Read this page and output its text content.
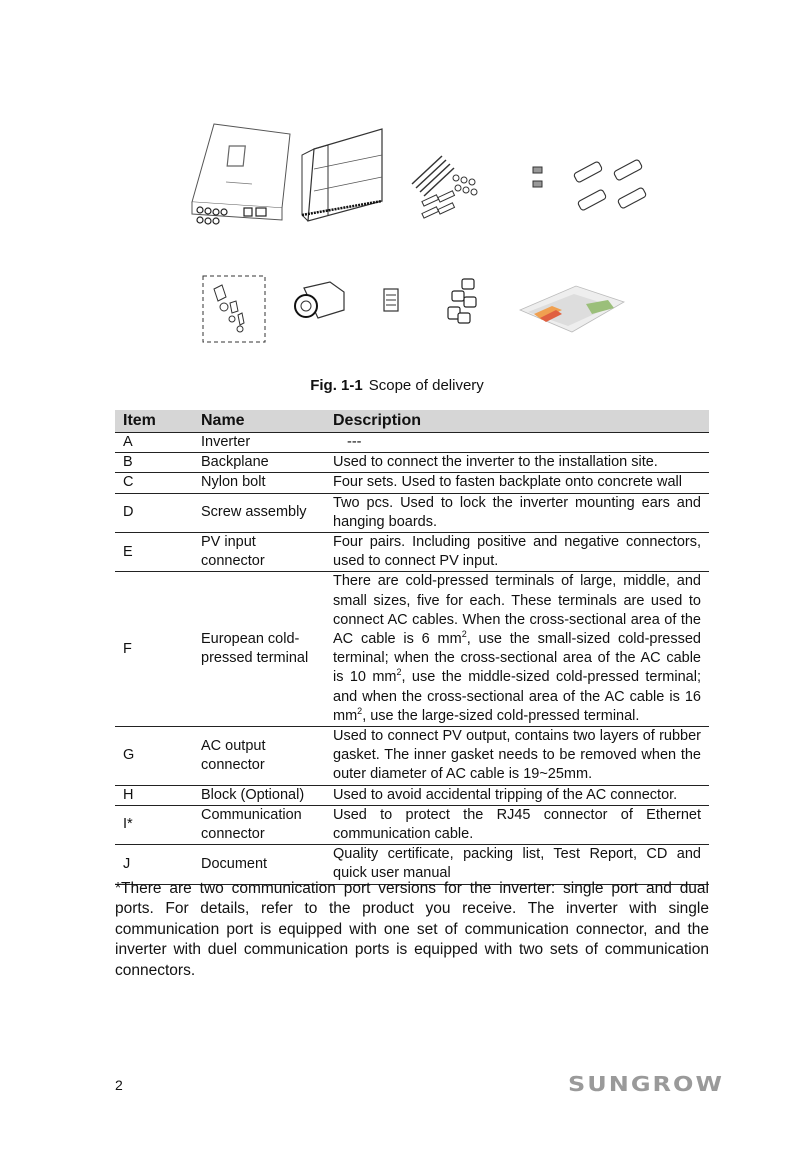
Fig. 1-1 Scope of delivery
Item	Name	Description
A	Inverter	---
B	Backplane	Used to connect the inverter to the installation site.
C	Nylon bolt	Four sets. Used to fasten backplate onto concrete wall
D	Screw assembly	Two pcs. Used to lock the inverter mounting ears and hanging boards.
E	PV input connector	Four pairs. Including positive and negative connectors, used to connect PV input.
F	European cold-pressed terminal	There are cold-pressed terminals of large, middle, and small sizes, five for each. These terminals are used to connect AC cables. When the cross-sectional area of the AC cable is 6 $mm^2$, use the small-sized cold-pressed terminal; when the cross-sectional area of the AC cable is 10 $mm^2$, use the middle-sized cold-pressed terminal; and when the cross-sectional area of the AC cable is 16 $mm^2$, use the large-sized cold-pressed terminal.
G	AC output connector	Used to connect PV output, contains two layers of rubber gasket. The inner gasket needs to be removed when the outer diameter of AC cable is 19~25mm.
H	Block (Optional)	Used to avoid accidental tripping of the AC connector.
I*	Communication connector	Used to protect the RJ45 connector of Ethernet communication cable.
J	Document	Quality certificate, packing list, Test Report, CD and quick user manual
*There are two communication port versions for the inverter: single port and dual ports. For details, refer to the product you receive. The inverter with single communication port is equipped with one set of communication connector, and the inverter with duel communication ports is equipped with two sets of communication connectors.
2	SUNGROW
